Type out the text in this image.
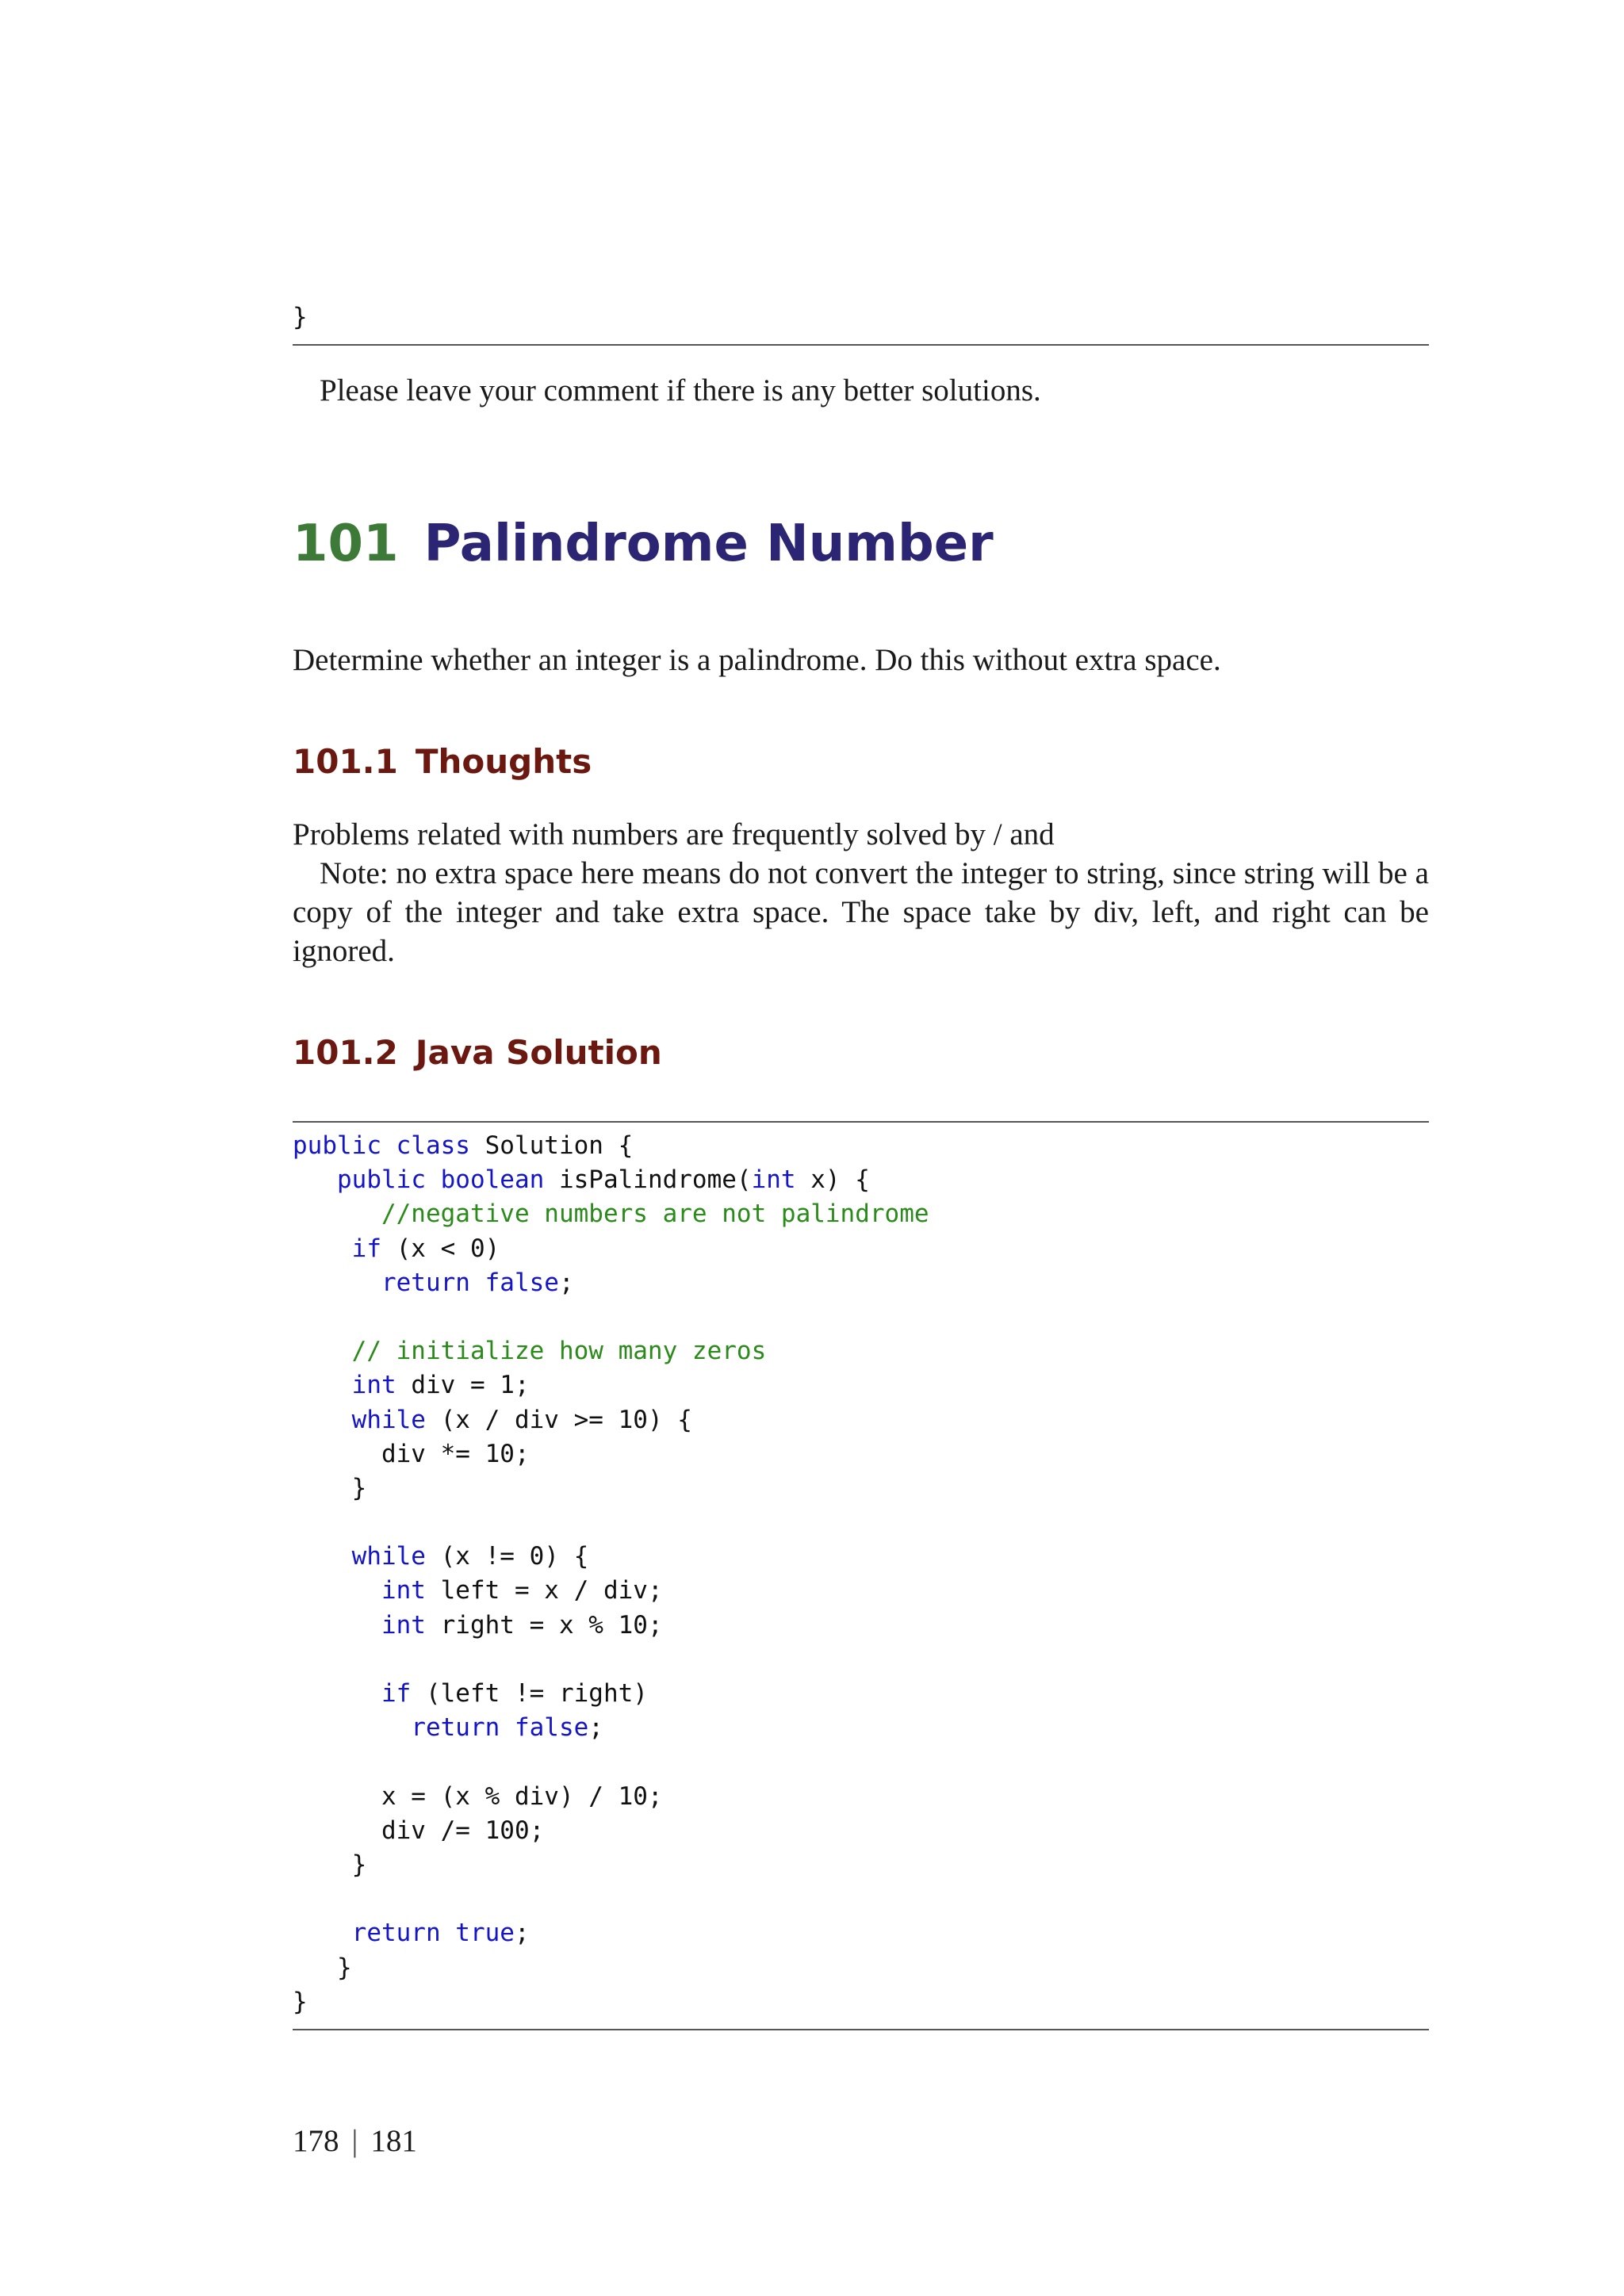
}
Please leave your comment if there is any better solutions.
101 Palindrome Number
Determine whether an integer is a palindrome. Do this without extra space.
101.1 Thoughts

Problems related with numbers are frequently solved by / and

Note: no extra space here means do not convert the integer to string, since string will be a copy of the integer and take extra space. The space take by div, left, and right can be ignored.

101.2 Java Solution
public class Solution {
public boolean isPalindrome(int x) {
//negative numbers are not palindrome
if (x < 0)
return false;
// initialize how many zeros
int div = 1;
while (x / div >= 10) {
div *= 10;
}
while (x != 0) {
int left = x / div;
int right = x % 10;
if (left != right)
return false;
x = (x % div) / 10;
div /= 100;
}
return true;
}
}
178 | 181
